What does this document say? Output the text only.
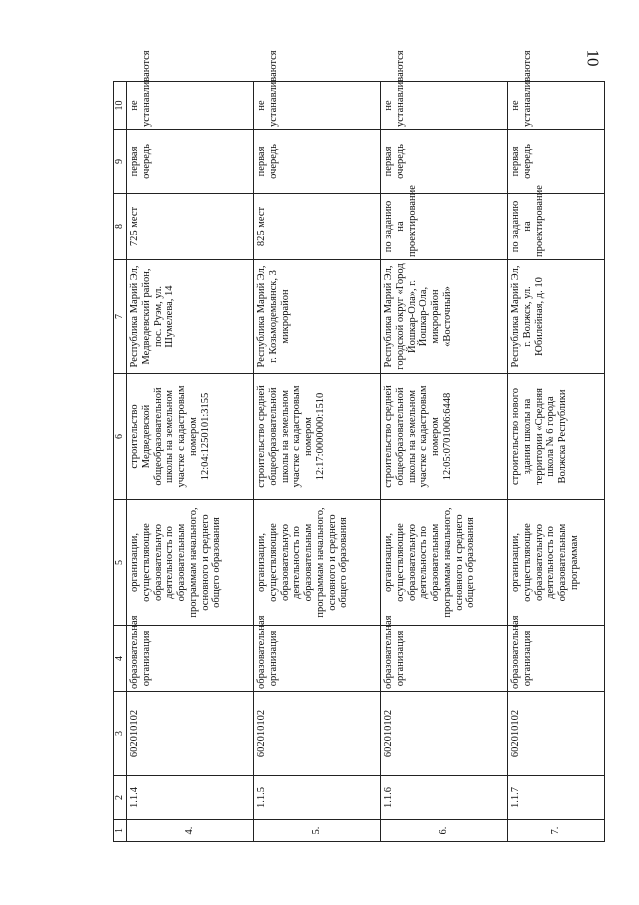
10
1	2	3	4	5	6	7	8	9	10
4.	1.1.4	602010102	образовательная организация	организации, осуществляющие образовательную деятельность по образовательным программам начального, основного и среднего общего образования	строительство Медведевской общеобразовательной школы на земельном участке с кадастровым номером 12:04:1250101:3155	Республика Марий Эл, Медведевский район, пос. Руэм, ул. Шумелева, 14	725 мест	первая очередь	не устанавливаются
5.	1.1.5	602010102	образовательная организация	организации, осуществляющие образовательную деятельность по образовательным программам начального, основного и среднего общего образования	строительство средней общеобразовательной школы на земельном участке с кадастровым номером 12:17:0000000:1510	Республика Марий Эл, г. Козьмодемьянск, 3 микрорайон	825 мест	первая очередь	не устанавливаются
6.	1.1.6	602010102	образовательная организация	организации, осуществляющие образовательную деятельность по образовательным программам начального, основного и среднего общего образования	строительство средней общеобразовательной школы на земельном участке с кадастровым номером 12:05:0701006:6448	Республика Марий Эл, городской округ «Город Йошкар-Ола», г. Йошкар-Ола, микрорайон «Восточный»	по заданию на проектирование	первая очередь	не устанавливаются
7.	1.1.7	602010102	образовательная организация	организации, осуществляющие образовательную деятельность по образовательным программам	строительство нового здания школы на территории «Средняя школа № 6 города Волжска Республики	Республика Марий Эл, г. Волжск, ул. Юбилейная, д. 10	по заданию на проектирование	первая очередь	не устанавливаются
